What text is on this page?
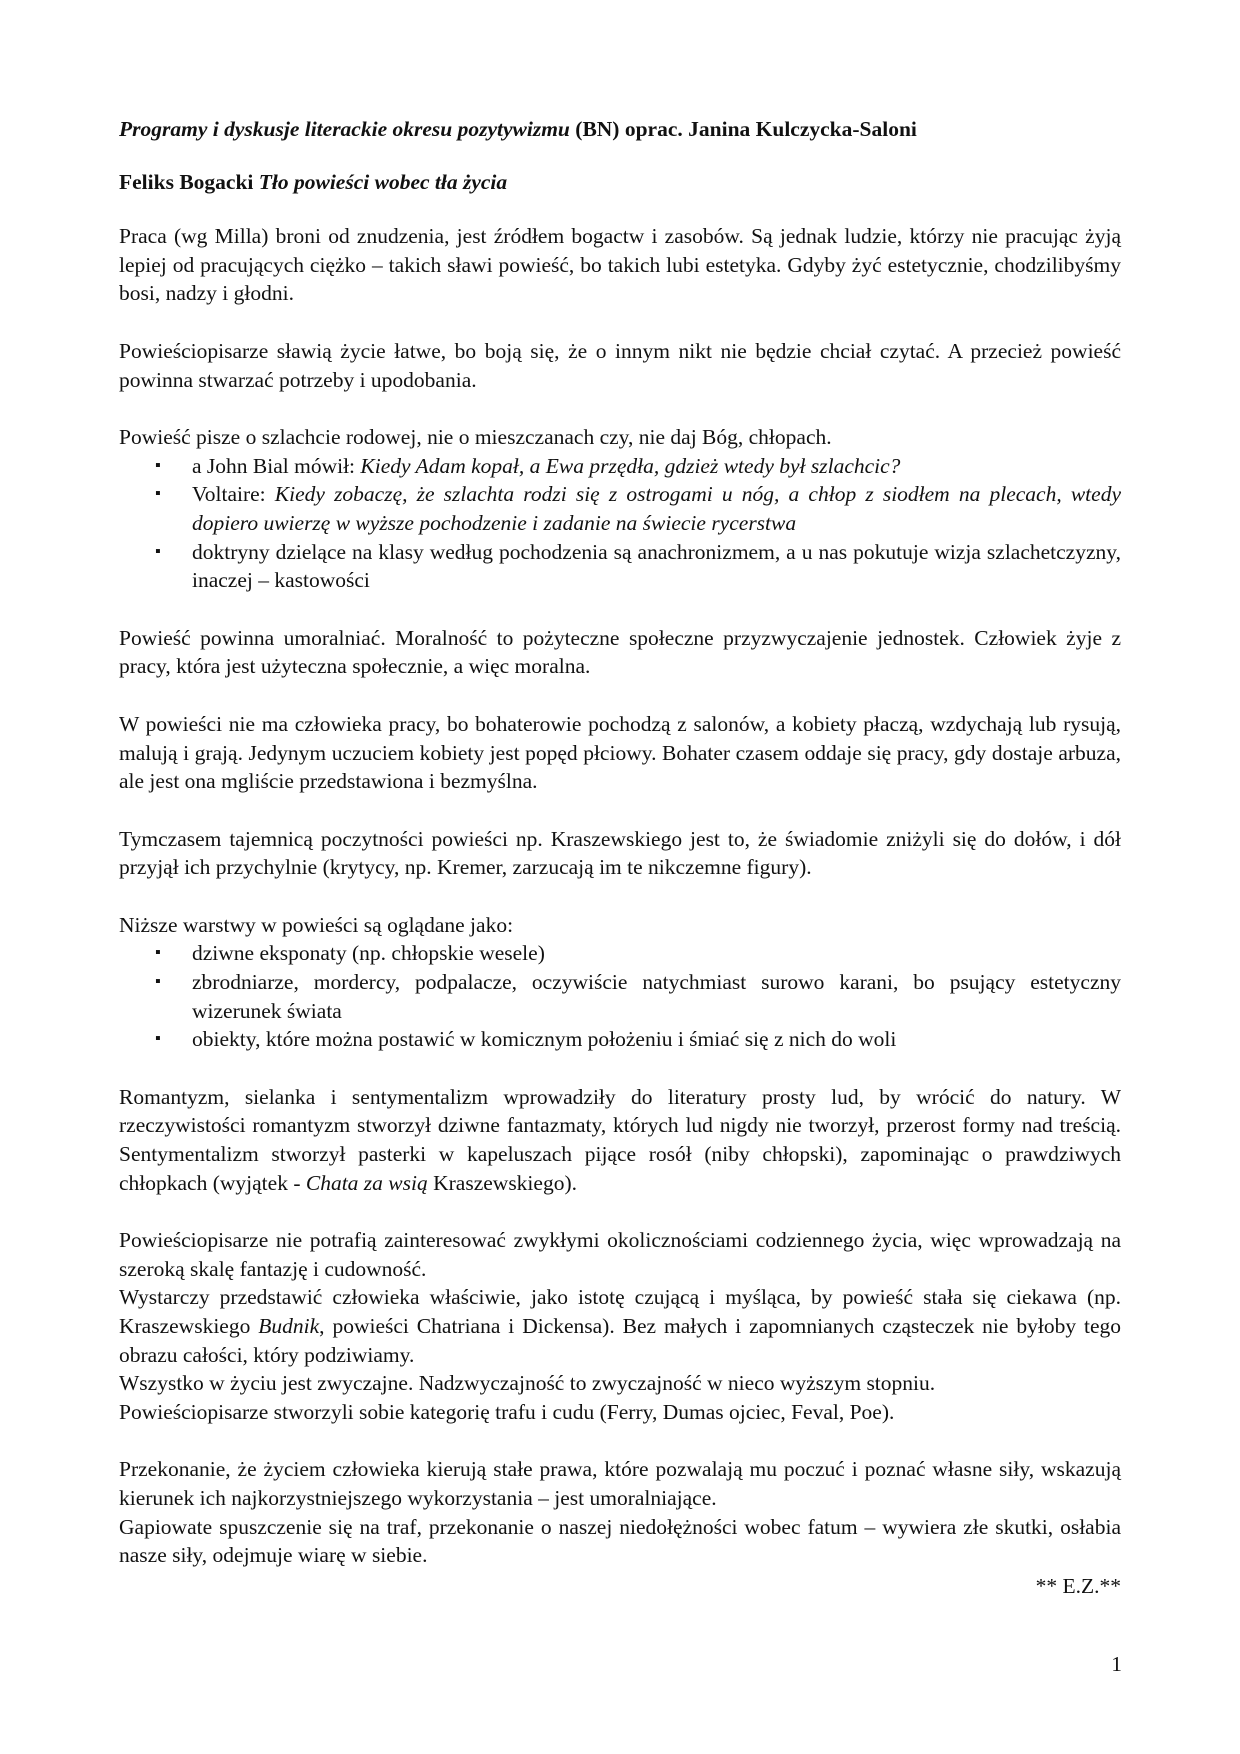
Programy i dyskusje literackie okresu pozytywizmu (BN) oprac. Janina Kulczycka-Saloni
Feliks Bogacki Tło powieści wobec tła życia

Praca (wg Milla) broni od znudzenia, jest źródłem bogactw i zasobów. Są jednak ludzie, którzy nie pracując żyją lepiej od pracujących ciężko – takich sławi powieść, bo takich lubi estetyka. Gdyby żyć estetycznie, chodzilibyśmy bosi, nadzy i głodni.

Powieściopisarze sławią życie łatwe, bo boją się, że o innym nikt nie będzie chciał czytać. A przecież powieść powinna stwarzać potrzeby i upodobania.

Powieść pisze o szlachcie rodowej, nie o mieszczanach czy, nie daj Bóg, chłopach.

▪ a John Bial mówił: Kiedy Adam kopał, a Ewa przędła, gdzież wtedy był szlachcic?
▪ Voltaire: Kiedy zobaczę, że szlachta rodzi się z ostrogami u nóg, a chłop z siodłem na plecach, wtedy dopiero uwierzę w wyższe pochodzenie i zadanie na świecie rycerstwa
▪ doktryny dzielące na klasy według pochodzenia są anachronizmem, a u nas pokutuje wizja szlachetczyzny, inaczej – kastowości

Powieść powinna umoralniać. Moralność to pożyteczne społeczne przyzwyczajenie jednostek. Człowiek żyje z pracy, która jest użyteczna społecznie, a więc moralna.

W powieści nie ma człowieka pracy, bo bohaterowie pochodzą z salonów, a kobiety płaczą, wzdychają lub rysują, malują i grają. Jedynym uczuciem kobiety jest popęd płciowy. Bohater czasem oddaje się pracy, gdy dostaje arbuza, ale jest ona mgliście przedstawiona i bezmyślna.

Tymczasem tajemnicą poczytności powieści np. Kraszewskiego jest to, że świadomie zniżyli się do dołów, i dół przyjął ich przychylnie (krytycy, np. Kremer, zarzucają im te nikczemne figury).

Niższe warstwy w powieści są oglądane jako:

▪ dziwne eksponaty (np. chłopskie wesele)
▪ zbrodniarze, mordercy, podpalacze, oczywiście natychmiast surowo karani, bo psujący estetyczny wizerunek świata
▪ obiekty, które można postawić w komicznym położeniu i śmiać się z nich do woli

Romantyzm, sielanka i sentymentalizm wprowadziły do literatury prosty lud, by wrócić do natury. W rzeczywistości romantyzm stworzył dziwne fantazmaty, których lud nigdy nie tworzył, przerost formy nad treścią. Sentymentalizm stworzył pasterki w kapeluszach pijące rosół (niby chłopski), zapominając o prawdziwych chłopkach (wyjątek - Chata za wsią Kraszewskiego).

Powieściopisarze nie potrafią zainteresować zwykłymi okolicznościami codziennego życia, więc wprowadzają na szeroką skalę fantazję i cudowność.

Wystarczy przedstawić człowieka właściwie, jako istotę czującą i myśląca, by powieść stała się ciekawa (np. Kraszewskiego Budnik, powieści Chatriana i Dickensa). Bez małych i zapomnianych cząsteczek nie byłoby tego obrazu całości, który podziwiamy.

Wszystko w życiu jest zwyczajne. Nadzwyczajność to zwyczajność w nieco wyższym stopniu.

Powieściopisarze stworzyli sobie kategorię trafu i cudu (Ferry, Dumas ojciec, Feval, Poe).

Przekonanie, że życiem człowieka kierują stałe prawa, które pozwalają mu poczuć i poznać własne siły, wskazują kierunek ich najkorzystniejszego wykorzystania – jest umoralniające.

Gapiowate spuszczenie się na traf, przekonanie o naszej niedołężności wobec fatum – wywiera złe skutki, osłabia nasze siły, odejmuje wiarę w siebie.

** E.Z.**
1
